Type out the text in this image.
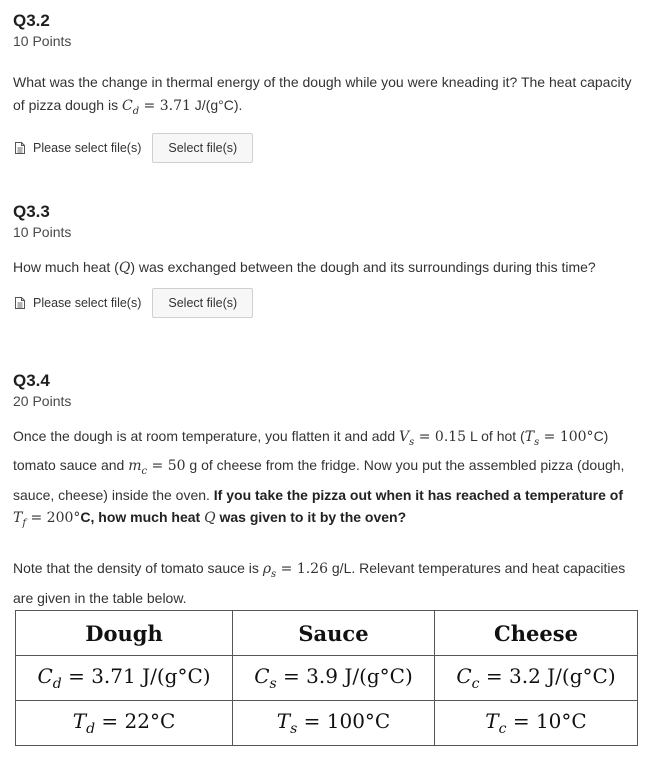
Q3.2
10 Points
What was the change in thermal energy of the dough while you were kneading it? The heat capacity of pizza dough is $C_d = 3.71$ J/(g°C).
Please select file(s)	Select file(s)
Q3.3
10 Points
How much heat (Q) was exchanged between the dough and its surroundings during this time?
Please select file(s)	Select file(s)
Q3.4
20 Points
Once the dough is at room temperature, you flatten it and add $V_s = 0.15$ L of hot $(T_s = 100^\circ C)$ tomato sauce and $m_c = 50$ g of cheese from the fridge. Now you put the assembled pizza (dough, sauce, cheese) inside the oven. If you take the pizza out when it has reached a temperature of $T_f = 200^\circ C$, how much heat Q was given to it by the oven?
Note that the density of tomato sauce is $\rho_s = 1.26$ g/L. Relevant temperatures and heat capacities are given in the table below.
Dough	Sauce	Cheese
$C_d = 3.71$ J/(g°C)	$C_s = 3.9$ J/(g°C)	$C_c = 3.2$ J/(g°C)
$T_d = 22^\circ C$	$T_s = 100^\circ C$	$T_c = 10^\circ C$
